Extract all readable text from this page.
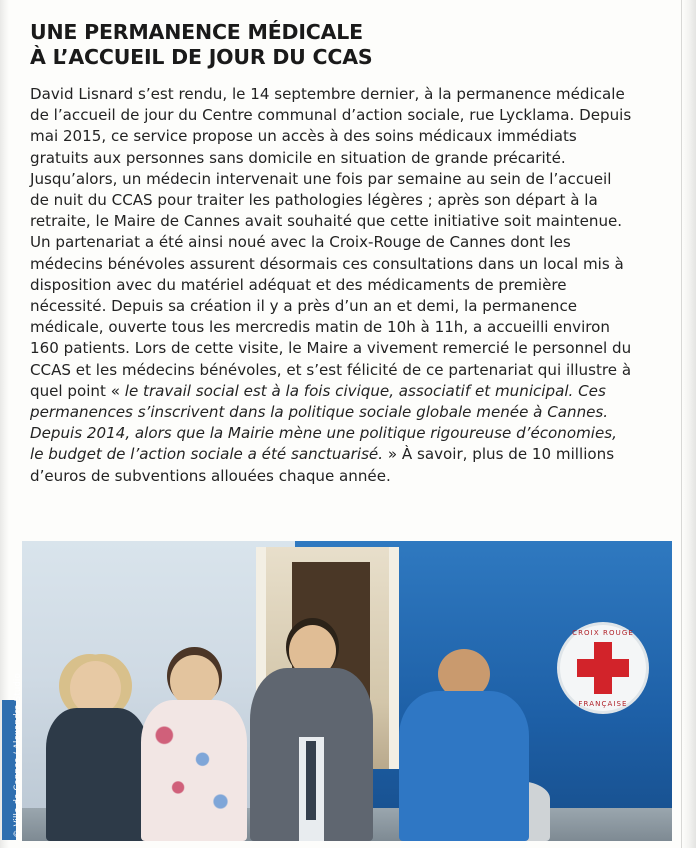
UNE PERMANENCE MÉDICALE
À L’ACCUEIL DE JOUR DU CCAS

David Lisnard s’est rendu, le 14 septembre dernier, à la permanence médicale de l’accueil de jour du Centre communal d’action sociale, rue Lycklama. Depuis mai 2015, ce service propose un accès à des soins médicaux immédiats gratuits aux personnes sans domicile en situation de grande précarité. Jusqu’alors, un médecin intervenait une fois par semaine au sein de l’accueil de nuit du CCAS pour traiter les pathologies légères ; après son départ à la retraite, le Maire de Cannes avait souhaité que cette initiative soit maintenue. Un partenariat a été ainsi noué avec la Croix-Rouge de Cannes dont les médecins bénévoles assurent désormais ces consultations dans un local mis à disposition avec du matériel adéquat et des médicaments de première nécessité. Depuis sa création il y a près d’un an et demi, la permanence médicale, ouverte tous les mercredis matin de 10h à 11h, a accueilli environ 160 patients. Lors de cette visite, le Maire a vivement remercié le personnel du CCAS et les médecins bénévoles, et s’est félicité de ce partenariat qui illustre à quel point « le travail social est à la fois civique, associatif et municipal. Ces permanences s’inscrivent dans la politique sociale globale menée à Cannes. Depuis 2014, alors que la Mairie mène une politique rigoureuse d’économies, le budget de l’action sociale a été sanctuarisé. » À savoir, plus de 10 millions d’euros de subventions allouées chaque année.

CROIX ROUGE
FRANÇAISE
© Ville de Cannes / Alexandra Studio
